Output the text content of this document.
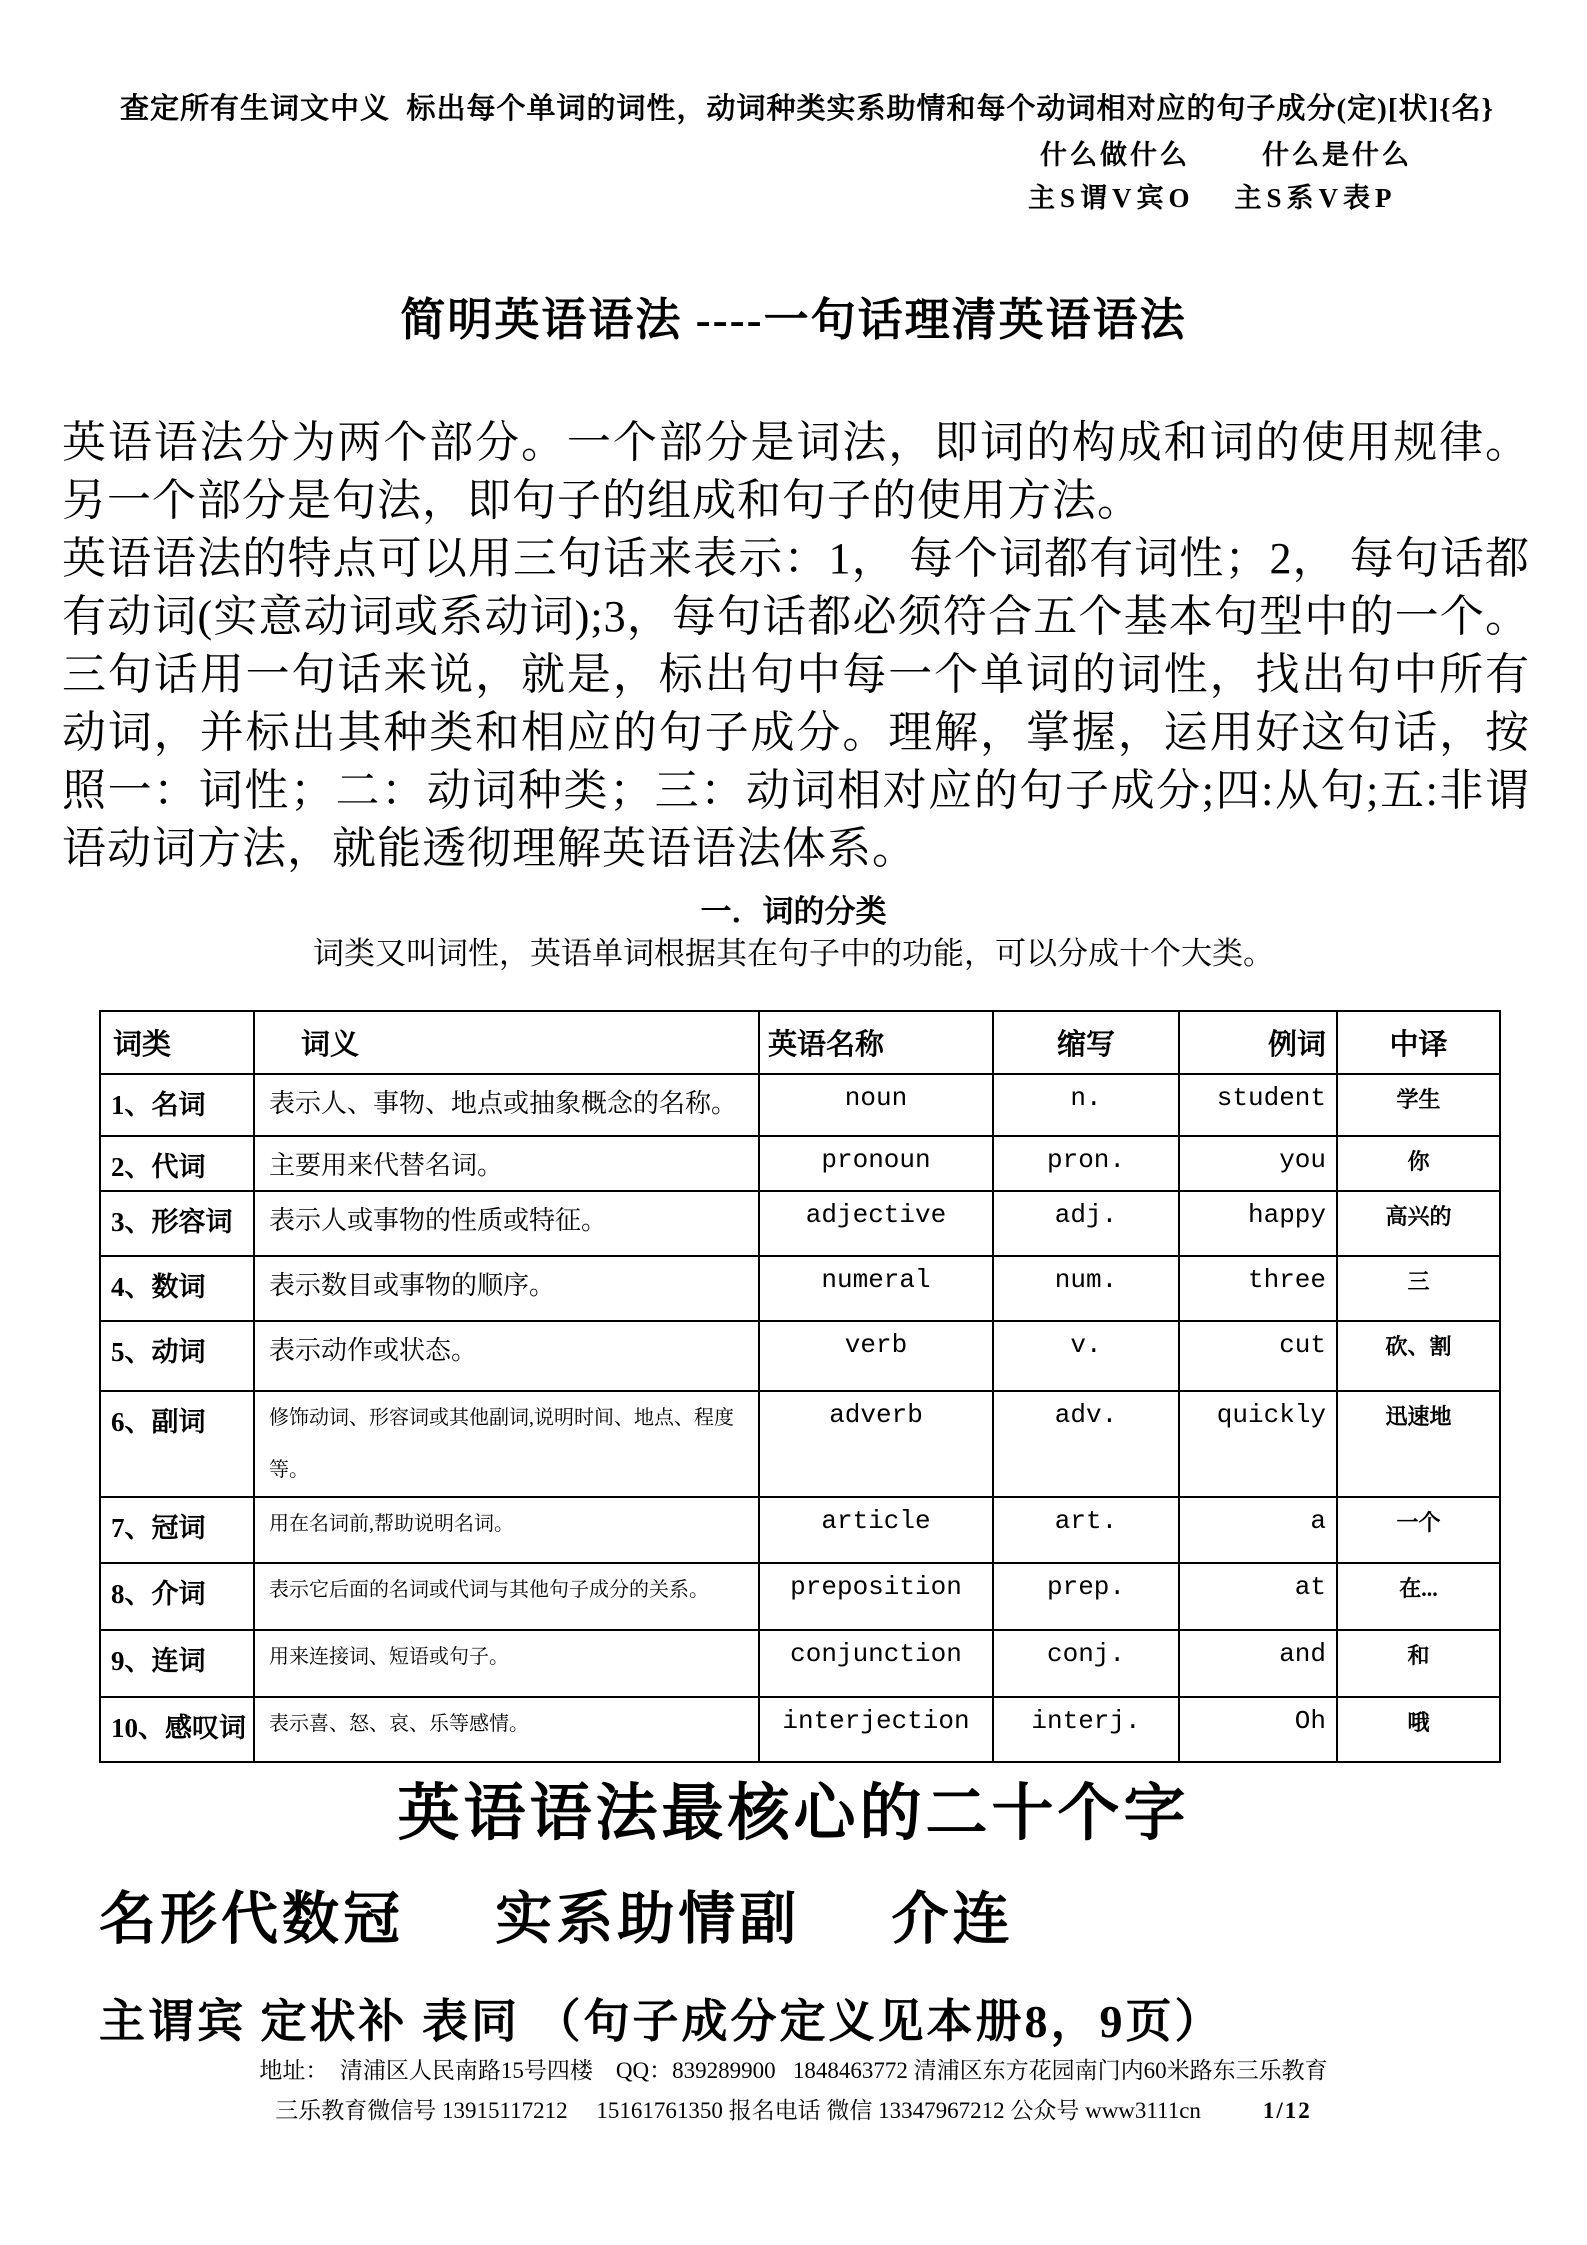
查定所有生词文中义  标出每个单词的词性，动词种类实系助情和每个动词相对应的句子成分(定)[状]{名}
什么做什么	什么是什么
主S谓V宾O 主S系V表P
简明英语语法 ----一句话理清英语语法

英语语法分为两个部分。一个部分是词法，即词的构成和词的使用规律。另一个部分是句法，即句子的组成和句子的使用方法。

英语语法的特点可以用三句话来表示：1， 每个词都有词性；2， 每句话都有动词(实意动词或系动词);3，每句话都必须符合五个基本句型中的一个。三句话用一句话来说，就是，标出句中每一个单词的词性，找出句中所有动词，并标出其种类和相应的句子成分。理解，掌握，运用好这句话，按照一：词性；二：动词种类；三：动词相对应的句子成分;四:从句;五:非谓语动词方法，就能透彻理解英语语法体系。

一．词的分类
词类又叫词性，英语单词根据其在句子中的功能，可以分成十个大类。
词类	词义	英语名称	缩写	例词	中译
1、名词	表示人、事物、地点或抽象概念的名称。	noun	n.	student	学生
2、代词	主要用来代替名词。	pronoun	pron.	you	你
3、形容词	表示人或事物的性质或特征。	adjective	adj.	happy	高兴的
4、数词	表示数目或事物的顺序。	numeral	num.	three	三
5、动词	表示动作或状态。	verb	v.	cut	砍、割
6、副词	修饰动词、形容词或其他副词,说明时间、地点、程度等。	adverb	adv.	quickly	迅速地
7、冠词	用在名词前,帮助说明名词。	article	art.	a	一个
8、介词	表示它后面的名词或代词与其他句子成分的关系。	preposition	prep.	at	在...
9、连词	用来连接词、短语或句子。	conjunction	conj.	and	和
10、感叹词	表示喜、怒、哀、乐等感情。	interjection	interj.	Oh	哦
英语语法最核心的二十个字
名形代数冠     实系助情副     介连
主谓宾 定状补 表同 （句子成分定义见本册8，9页）
地址：  清浦区人民南路15号四楼    QQ：839289900   1848463772 清浦区东方花园南门内60米路东三乐教育
三乐教育微信号 13915117212     15161761350 报名电话 微信 13347967212 公众号 www3111cn	1/12
